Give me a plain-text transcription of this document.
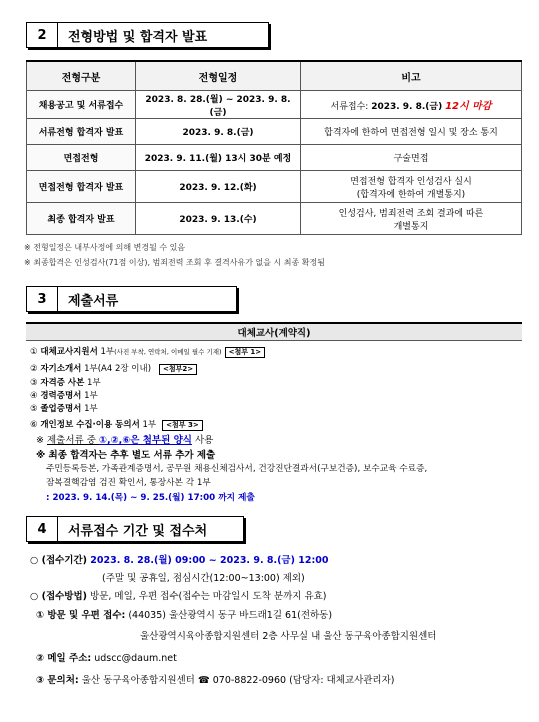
2	전형방법 및 합격자 발표
전형구분	전형일정	비고
채용공고 및 서류접수	2023. 8. 28.(월) ~ 2023. 9. 8.(금)	서류접수: 2023. 9. 8.(금) 12시 마감
서류전형 합격자 발표	2023. 9. 8.(금)	합격자에 한하여 면접전형 일시 및 장소 통지
면접전형	2023. 9. 11.(월) 13시 30분 예정	구술면접
면접전형 합격자 발표	2023. 9. 12.(화)	면접전형 합격자 인성검사 실시
(합격자에 한하여 개별통지)

최종 합격자 발표	2023. 9. 13.(수)	인성검사, 범죄전력 조회 결과에 따른
개별통지
※ 전형일정은 내부사정에 의해 변경될 수 있음
※ 최종합격은 인성검사(71점 이상), 범죄전력 조회 후 결격사유가 없을 시 최종 확정됨
3	제출서류
대체교사(계약직)
① 대체교사지원서 1부(사진 부착, 연락처, 이메일 필수 기재) <첨부 1>
② 자기소개서 1부(A4 2장 이내) <첨부2>
③ 자격증 사본 1부
④ 경력증명서 1부
⑤ 졸업증명서 1부
⑥ 개인정보 수집·이용 동의서 1부 <첨부 3>
※ 제출서류 중 ①,②,⑥은 첨부된 양식 사용
※ 최종 합격자는 추후 별도 서류 추가 제출
주민등록등본, 가족관계증명서, 공무원 채용신체검사서, 건강진단결과서(구보건증), 보수교육 수료증,
잠복결핵감염 검진 확인서, 통장사본 각 1부
: 2023. 9. 14.(목) ~ 9. 25.(월) 17:00 까지 제출
4	서류접수 기간 및 접수처
○ (접수기간) 2023. 8. 28.(월) 09:00 ~ 2023. 9. 8.(금) 12:00
(주말 및 공휴일, 점심시간(12:00~13:00) 제외)
○ (접수방법) 방문, 메일, 우편 접수(접수는 마감일시 도착 분까지 유효)
① 방문 및 우편 접수: (44035) 울산광역시 동구 바드래1길 61(전하동)
울산광역시육아종합지원센터 2층 사무실 내 울산 동구육아종합지원센터
② 메일 주소: udscc@daum.net
③ 문의처: 울산 동구육아종합지원센터 ☎ 070-8822-0960 (담당자: 대체교사관리자)
